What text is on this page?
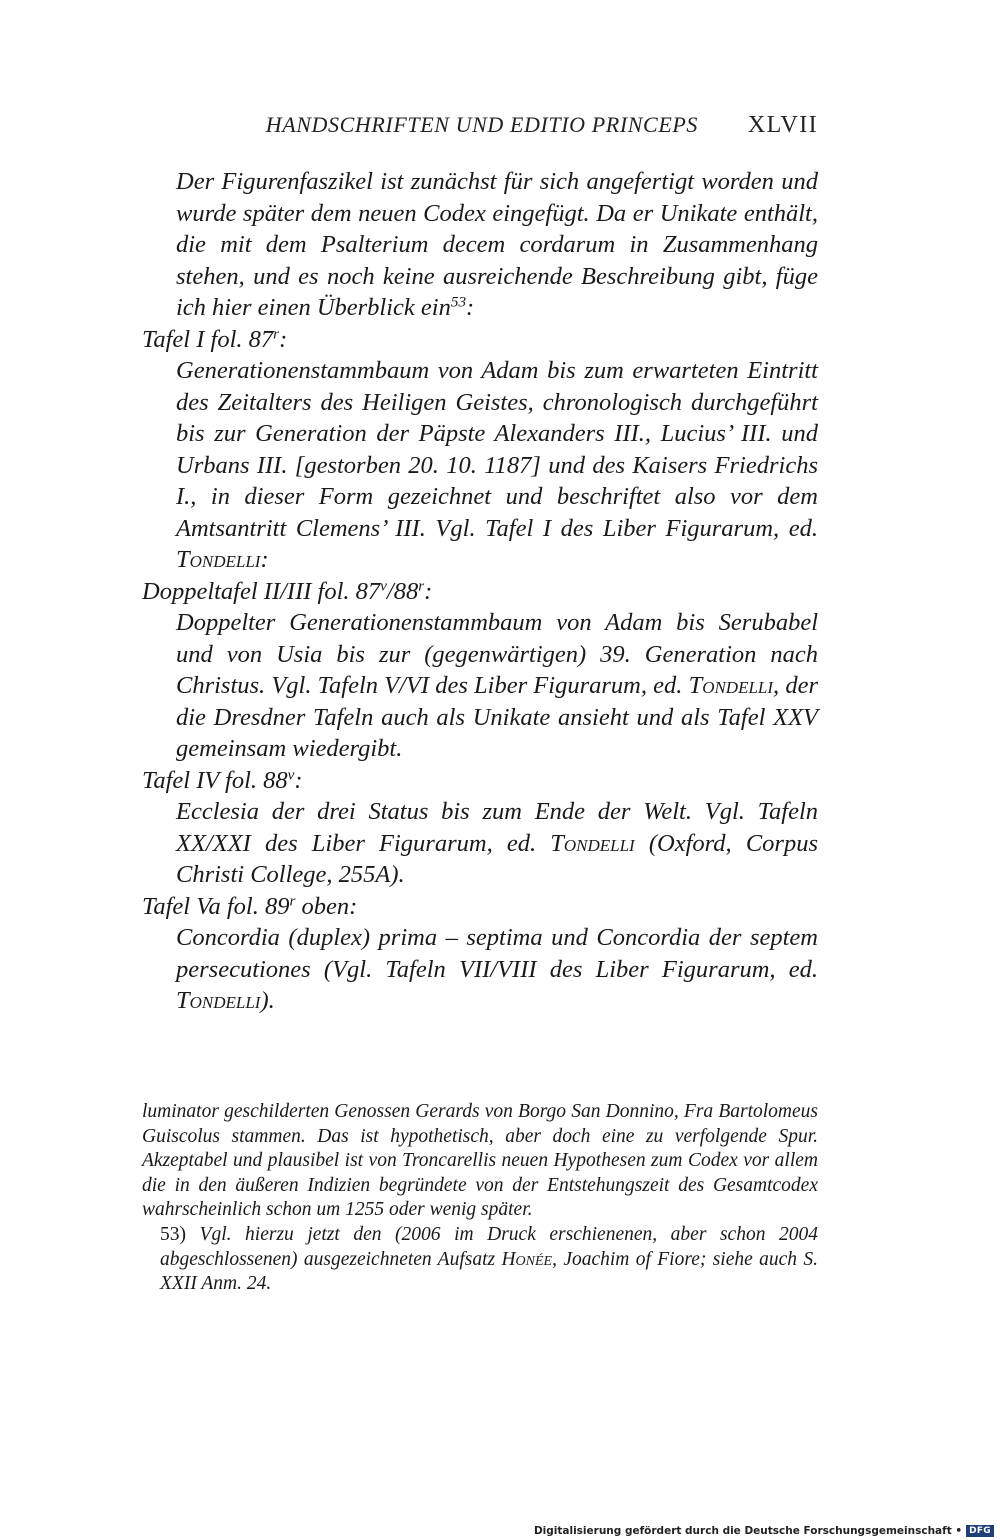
HANDSCHRIFTEN UND EDITIO PRINCEPS XLVII

Der Figurenfaszikel ist zunächst für sich angefertigt worden und wurde später dem neuen Codex eingefügt. Da er Unikate enthält, die mit dem Psalterium decem cordarum in Zusammenhang stehen, und es noch keine ausreichende Beschreibung gibt, füge ich hier einen Überblick ein$^{53}$:

Tafel I fol. 87$^r$:

Generationenstammbaum von Adam bis zum erwarteten Eintritt des Zeitalters des Heiligen Geistes, chronologisch durchgeführt bis zur Generation der Päpste Alexanders III., Lucius’ III. und Urbans III. [gestorben 20. 10. 1187] und des Kaisers Friedrichs I., in dieser Form gezeichnet und beschriftet also vor dem Amtsantritt Clemens’ III. Vgl. Tafel I des Liber Figurarum, ed. Tondelli:

Doppeltafel II/III fol. 87$^v$/88$^r$:

Doppelter Generationenstammbaum von Adam bis Serubabel und von Usia bis zur (gegenwärtigen) 39. Generation nach Christus. Vgl. Tafeln V/VI des Liber Figurarum, ed. Tondelli, der die Dresdner Tafeln auch als Unikate ansieht und als Tafel XXV gemeinsam wiedergibt.

Tafel IV fol. 88$^v$:

Ecclesia der drei Status bis zum Ende der Welt. Vgl. Tafeln XX/XXI des Liber Figurarum, ed. Tondelli (Oxford, Corpus Christi College, 255A).

Tafel Va fol. 89$^r$ oben:

Concordia (duplex) prima – septima und Concordia der septem persecutiones (Vgl. Tafeln VII/VIII des Liber Figurarum, ed. Tondelli).

luminator geschilderten Genossen Gerards von Borgo San Donnino, Fra Bartolomeus Guiscolus stammen. Das ist hypothetisch, aber doch eine zu verfolgende Spur. Akzeptabel und plausibel ist von Troncarellis neuen Hypothesen zum Codex vor allem die in den äußeren Indizien begründete von der Entstehungszeit des Gesamtcodex wahrscheinlich schon um 1255 oder wenig später.

53) Vgl. hierzu jetzt den (2006 im Druck erschienenen, aber schon 2004 abgeschlossenen) ausgezeichneten Aufsatz Honée, Joachim of Fiore; siehe auch S. XXII Anm. 24.

Digitalisierung gefördert durch die Deutsche Forschungsgemeinschaft • DFG
